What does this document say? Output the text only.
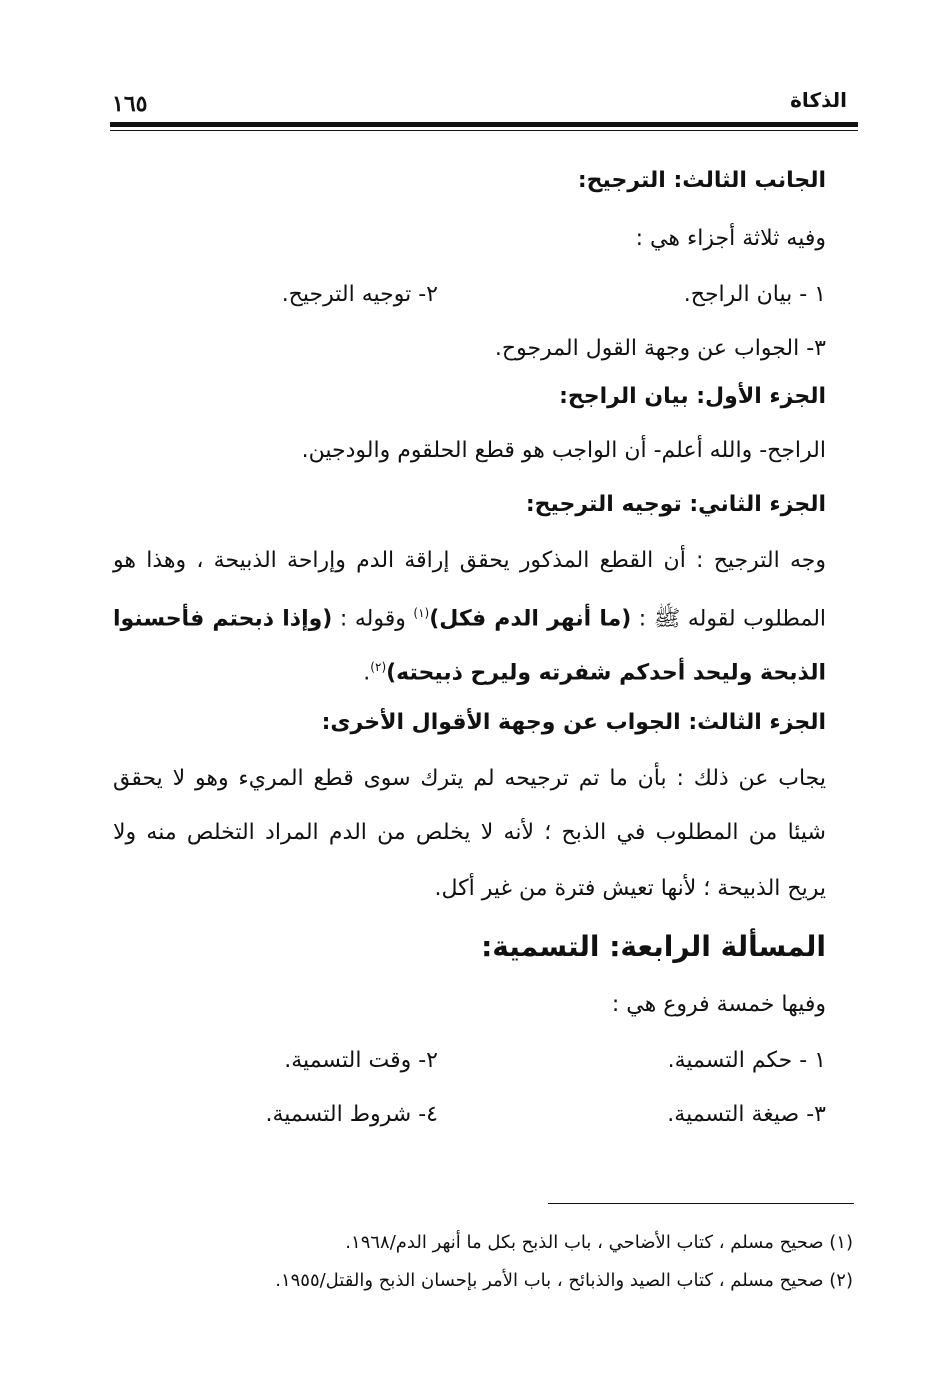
الذكاة
١٦٥
الجانب الثالث: الترجيح:
وفيه ثلاثة أجزاء هي :
١ - بيان الراجح.
٢- توجيه الترجيح.
٣- الجواب عن وجهة القول المرجوح.
الجزء الأول: بيان الراجح:
الراجح- والله أعلم- أن الواجب هو قطع الحلقوم والودجين.
الجزء الثاني: توجيه الترجيح:
وجه الترجيح : أن القطع المذكور يحقق إراقة الدم وإراحة الذبيحة ، وهذا هو
المطلوب لقوله ﷺ : (ما أنهر الدم فكل)$^{(١)}$ وقوله : (وإذا ذبحتم فأحسنوا
الذبحة وليحد أحدكم شفرته وليرح ذبيحته)$^{(٢)}$.
الجزء الثالث: الجواب عن وجهة الأقوال الأخرى:
يجاب عن ذلك : بأن ما تم ترجيحه لم يترك سوى قطع المريء وهو لا يحقق
شيئا من المطلوب في الذبح ؛ لأنه لا يخلص من الدم المراد التخلص منه ولا
يريح الذبيحة ؛ لأنها تعيش فترة من غير أكل.
المسألة الرابعة: التسمية:
وفيها خمسة فروع هي :
١ - حكم التسمية.
٢- وقت التسمية.
٣- صيغة التسمية.
٤- شروط التسمية.
(١) صحيح مسلم ، كتاب الأضاحي ، باب الذبح بكل ما أنهر الدم/١٩٦٨.
(٢) صحيح مسلم ، كتاب الصيد والذبائح ، باب الأمر بإحسان الذبح والقتل/١٩٥٥.
